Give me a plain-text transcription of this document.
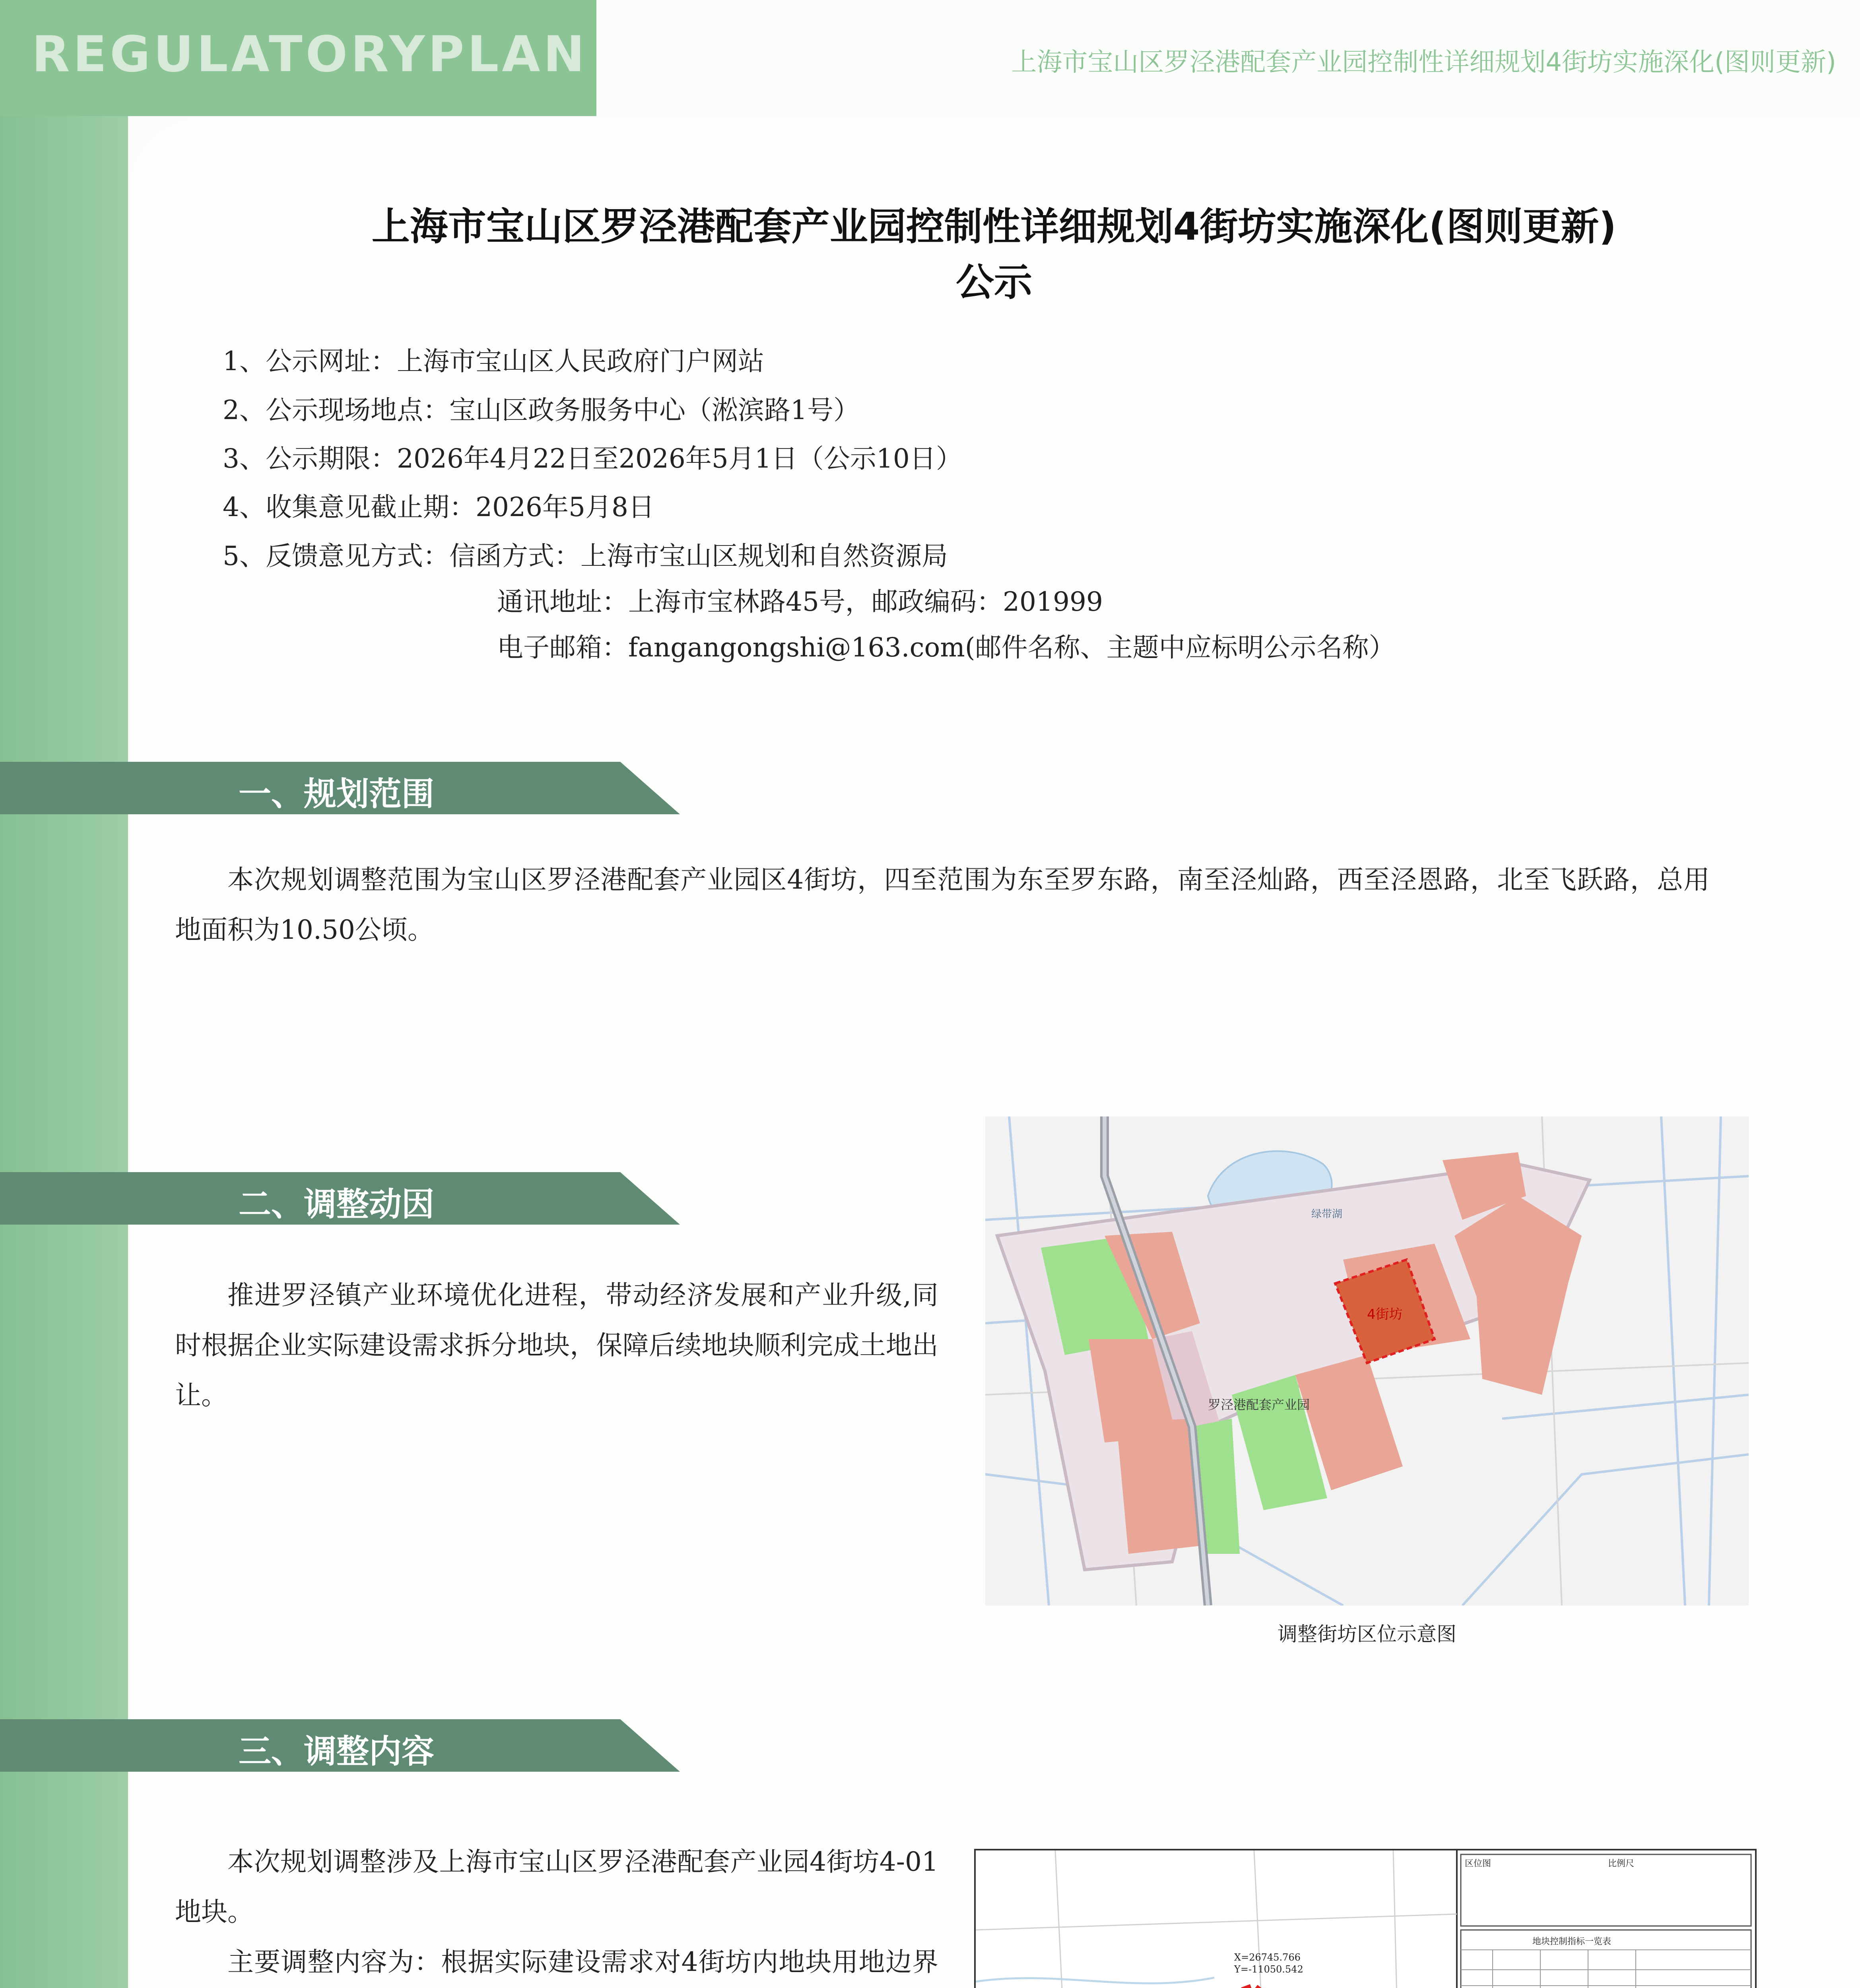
REGULATORYPLAN	上海市宝山区罗泾港配套产业园控制性详细规划4街坊实施深化(图则更新)
上海市宝山区罗泾港配套产业园控制性详细规划4街坊实施深化(图则更新)
公示
1、公示网址：上海市宝山区人民政府门户网站
2、公示现场地点：宝山区政务服务中心（淞滨路1号）
3、公示期限：2026年4月22日至2026年5月1日（公示10日）
4、收集意见截止期：2026年5月8日
5、反馈意见方式：信函方式：上海市宝山区规划和自然资源局
通讯地址：上海市宝林路45号，邮政编码：201999
电子邮箱：fangangongshi@163.com(邮件名称、主题中应标明公示名称）
一、规划范围
本次规划调整范围为宝山区罗泾港配套产业园区4街坊，四至范围为东至罗东路，南至泾灿路，西至泾恩路，北至飞跃路，总用地面积为10.50公顷。
二、调整动因
推进罗泾镇产业环境优化进程，带动经济发展和产业升级,同时根据企业实际建设需求拆分地块，保障后续地块顺利完成土地出让。
4街坊
罗泾港配套产业园
绿带湖
调整街坊区位示意图
三、调整内容
本次规划调整涉及上海市宝山区罗泾港配套产业园4街坊4-01地块。
主要调整内容为：根据实际建设需求对4街坊内地块用地边界	X=26745.766
Y=-11050.542
区位图	比例尺
地块控制指标一览表
